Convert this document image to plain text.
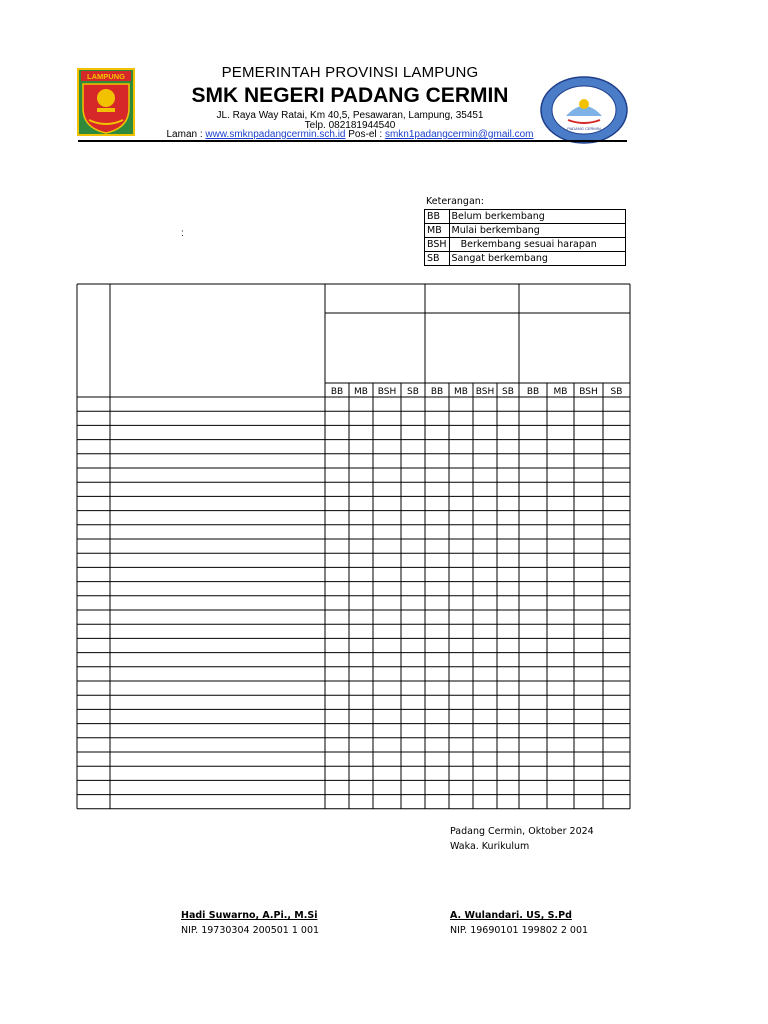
LAMPUNG
PADANG CERMIN
PEMERINTAH PROVINSI LAMPUNG
SMK NEGERI PADANG CERMIN
JL. Raya Way Ratai, Km 40,5, Pesawaran, Lampung, 35451
Telp. 082181944540
Laman : www.smknpadangcermin.sch.id Pos-el : smkn1padangcermin@gmail.com
Keterangan:
BB	Belum berkembang
MB	Mulai berkembang
BSH	Berkembang sesuai harapan
SB	Sangat berkembang
:
BB MB BSH SB BB MB BSH SB BB MB BSH SB
Padang Cermin, Oktober 2024
Waka. Kurikulum
Hadi Suwarno, A.Pi., M.Si
NIP. 19730304 200501 1 001
A. Wulandari. US, S.Pd
NIP. 19690101 199802 2 001
